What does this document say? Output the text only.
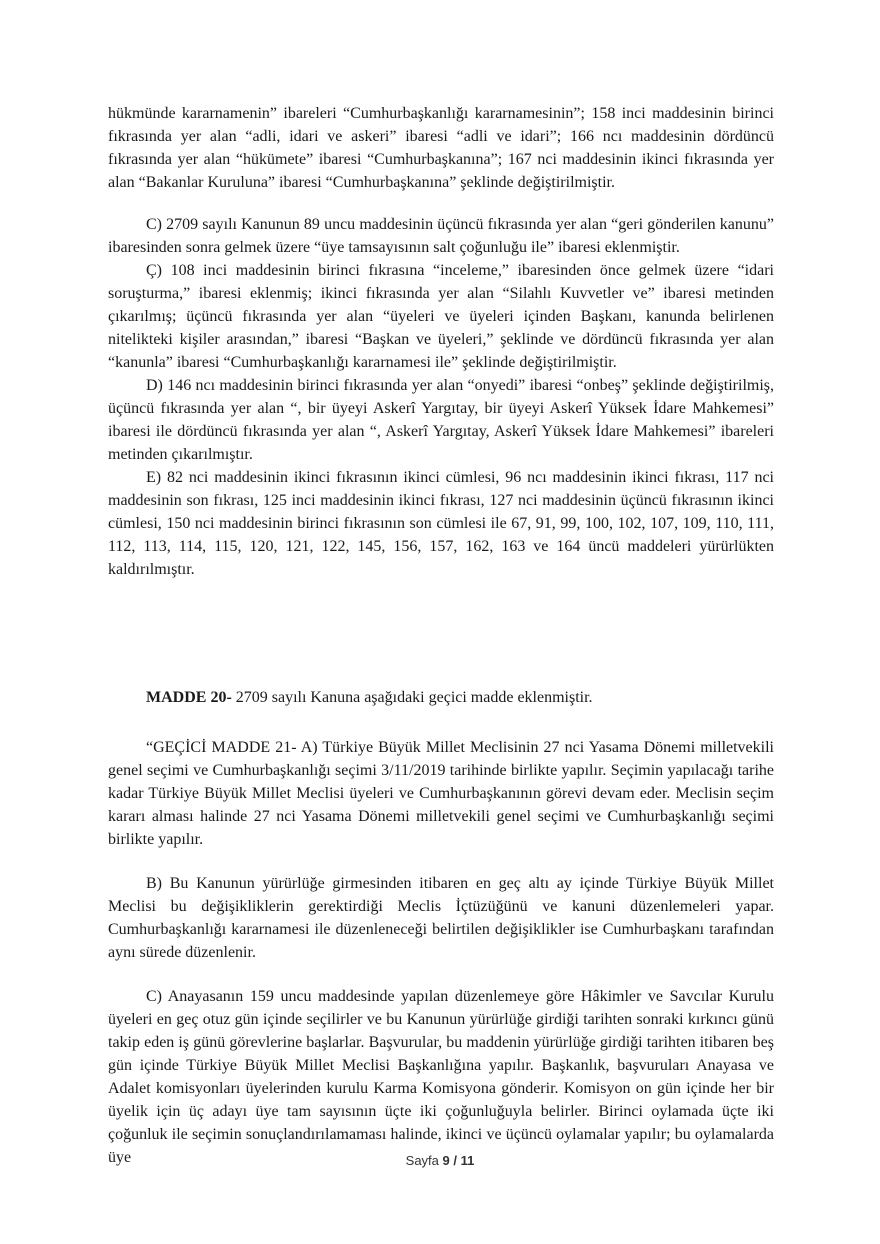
hükmünde kararnamenin” ibareleri “Cumhurbaşkanlığı kararnamesinin”; 158 inci maddesinin birinci fıkrasında yer alan “adli, idari ve askeri” ibaresi “adli ve idari”; 166 ncı maddesinin dördüncü fıkrasında yer alan “hükümete” ibaresi “Cumhurbaşkanına”; 167 nci maddesinin ikinci fıkrasında yer alan “Bakanlar Kuruluna” ibaresi “Cumhurbaşkanına” şeklinde değiştirilmiştir.

C) 2709 sayılı Kanunun 89 uncu maddesinin üçüncü fıkrasında yer alan “geri gönderilen kanunu” ibaresinden sonra gelmek üzere “üye tamsayısının salt çoğunluğu ile” ibaresi eklenmiştir.

Ç) 108 inci maddesinin birinci fıkrasına “inceleme,” ibaresinden önce gelmek üzere “idari soruşturma,” ibaresi eklenmiş; ikinci fıkrasında yer alan “Silahlı Kuvvetler ve” ibaresi metinden çıkarılmış; üçüncü fıkrasında yer alan “üyeleri ve üyeleri içinden Başkanı, kanunda belirlenen nitelikteki kişiler arasından,” ibaresi “Başkan ve üyeleri,” şeklinde ve dördüncü fıkrasında yer alan “kanunla” ibaresi “Cumhurbaşkanlığı kararnamesi ile” şeklinde değiştirilmiştir.

D) 146 ncı maddesinin birinci fıkrasında yer alan “onyedi” ibaresi “onbeş” şeklinde değiştirilmiş, üçüncü fıkrasında yer alan “, bir üyeyi Askerî Yargıtay, bir üyeyi Askerî Yüksek İdare Mahkemesi” ibaresi ile dördüncü fıkrasında yer alan “, Askerî Yargıtay, Askerî Yüksek İdare Mahkemesi” ibareleri metinden çıkarılmıştır.

E) 82 nci maddesinin ikinci fıkrasının ikinci cümlesi, 96 ncı maddesinin ikinci fıkrası, 117 nci maddesinin son fıkrası, 125 inci maddesinin ikinci fıkrası, 127 nci maddesinin üçüncü fıkrasının ikinci cümlesi, 150 nci maddesinin birinci fıkrasının son cümlesi ile 67, 91, 99, 100, 102, 107, 109, 110, 111, 112, 113, 114, 115, 120, 121, 122, 145, 156, 157, 162, 163 ve 164 üncü maddeleri yürürlükten kaldırılmıştır.

MADDE 20- 2709 sayılı Kanuna aşağıdaki geçici madde eklenmiştir.

“GEÇİCİ MADDE 21- A) Türkiye Büyük Millet Meclisinin 27 nci Yasama Dönemi milletvekili genel seçimi ve Cumhurbaşkanlığı seçimi 3/11/2019 tarihinde birlikte yapılır. Seçimin yapılacağı tarihe kadar Türkiye Büyük Millet Meclisi üyeleri ve Cumhurbaşkanının görevi devam eder. Meclisin seçim kararı alması halinde 27 nci Yasama Dönemi milletvekili genel seçimi ve Cumhurbaşkanlığı seçimi birlikte yapılır.

B) Bu Kanunun yürürlüğe girmesinden itibaren en geç altı ay içinde Türkiye Büyük Millet Meclisi bu değişikliklerin gerektirdiği Meclis İçtüzüğünü ve kanuni düzenlemeleri yapar. Cumhurbaşkanlığı kararnamesi ile düzenleneceği belirtilen değişiklikler ise Cumhurbaşkanı tarafından aynı sürede düzenlenir.

C) Anayasanın 159 uncu maddesinde yapılan düzenlemeye göre Hâkimler ve Savcılar Kurulu üyeleri en geç otuz gün içinde seçilirler ve bu Kanunun yürürlüğe girdiği tarihten sonraki kırkıncı günü takip eden iş günü görevlerine başlarlar. Başvurular, bu maddenin yürürlüğe girdiği tarihten itibaren beş gün içinde Türkiye Büyük Millet Meclisi Başkanlığına yapılır. Başkanlık, başvuruları Anayasa ve Adalet komisyonları üyelerinden kurulu Karma Komisyona gönderir. Komisyon on gün içinde her bir üyelik için üç adayı üye tam sayısının üçte iki çoğunluğuyla belirler. Birinci oylamada üçte iki çoğunluk ile seçimin sonuçlandırılamaması halinde, ikinci ve üçüncü oylamalar yapılır; bu oylamalarda üye	Sayfa 9 / 11
